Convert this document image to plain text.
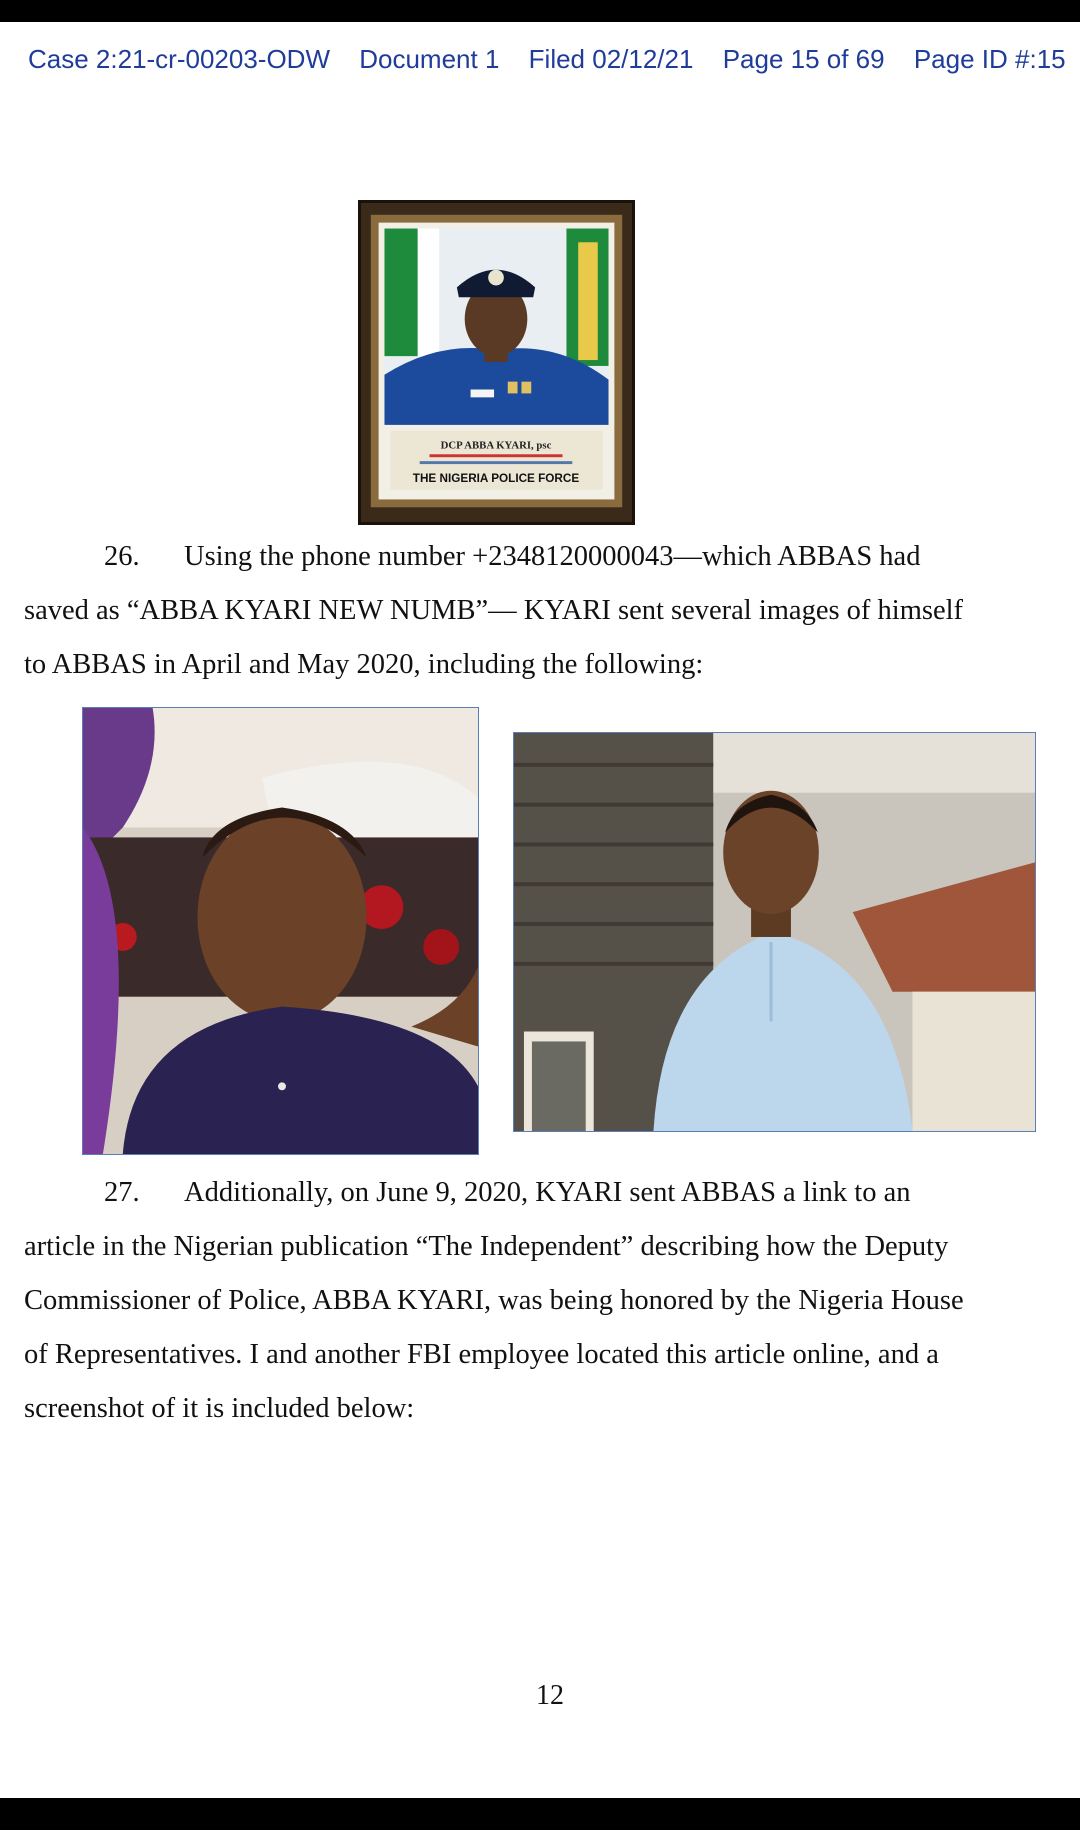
Case 2:21-cr-00203-ODW Document 1 Filed 02/12/21 Page 15 of 69 Page ID #:15
DCP ABBA KYARI, psc
THE NIGERIA POLICE FORCE
26. Using the phone number +2348120000043—which ABBAS had
saved as “ABBA KYARI NEW NUMB”— KYARI sent several images of himself
to ABBAS in April and May 2020, including the following:
27. Additionally, on June 9, 2020, KYARI sent ABBAS a link to an
article in the Nigerian publication “The Independent” describing how the Deputy
Commissioner of Police, ABBA KYARI, was being honored by the Nigeria House
of Representatives. I and another FBI employee located this article online, and a
screenshot of it is included below:
12
